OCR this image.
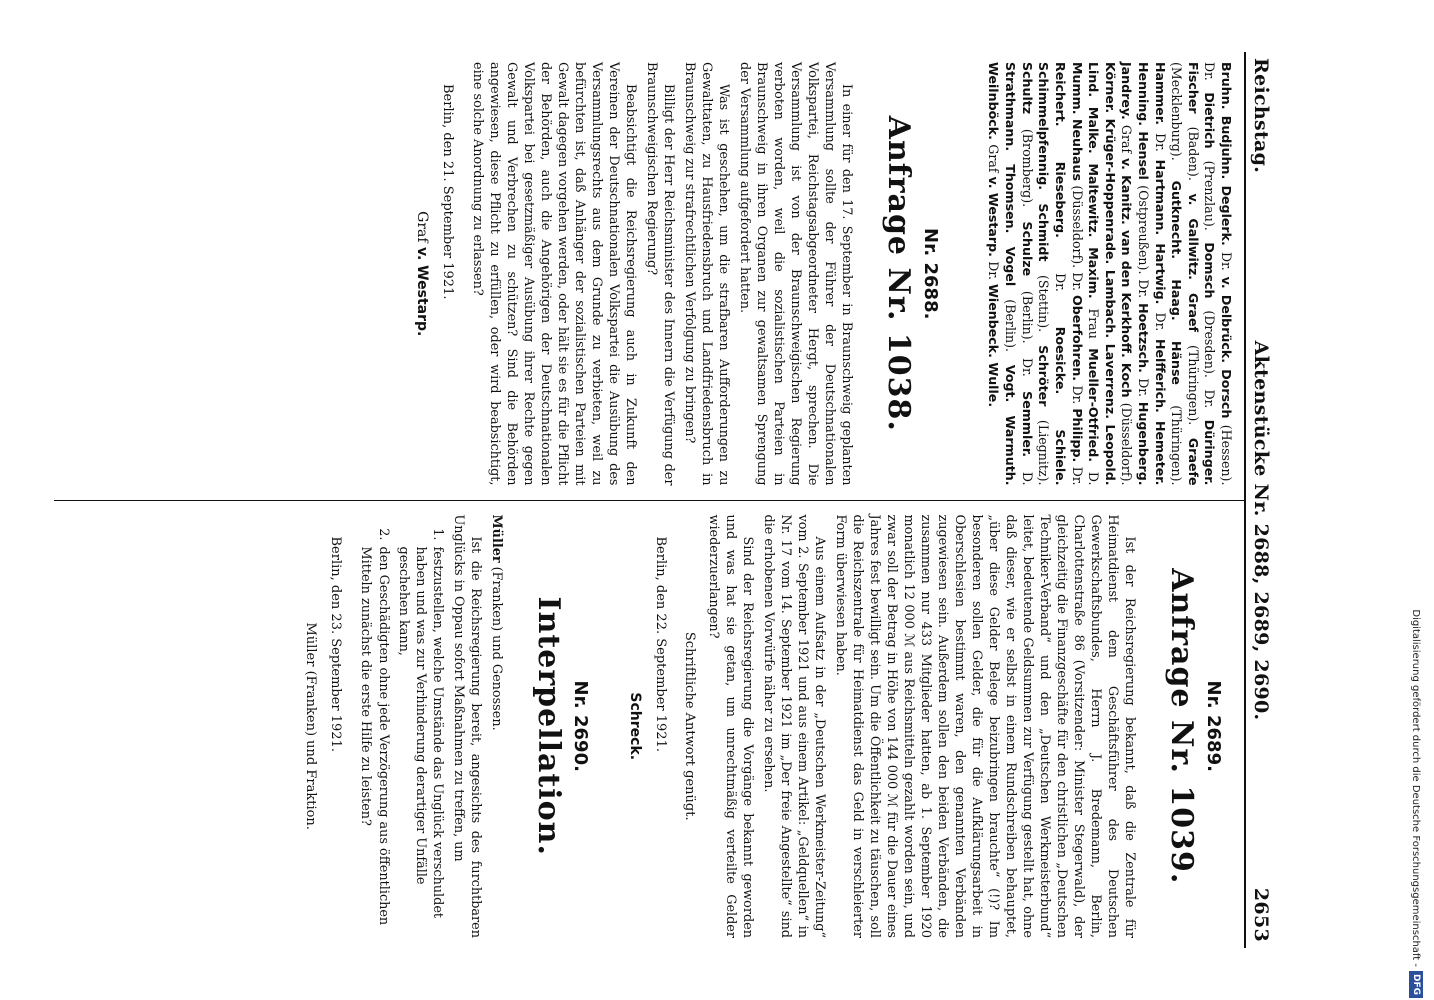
Reichstag.
Aktenstücke Nr. 2688, 2689, 2690.
2653
Bruhn. Budjuhn. Deglerk. Dr. v. Delbrück. Dorsch (Hessen). Dr. Dietrich (Prenzlau). Domsch (Dresden). Dr. Düringer. Fischer (Baden). v. Gallwitz. Graef (Thüringen). Graefe (Mecklenburg). Gutknecht. Haag. Hänse (Thüringen). Hammer. Dr. Hartmann. Hartwig. Dr. Helfferich. Hemeter. Henning. Hensel (Ostpreußen). Dr. Hoetzsch. Dr. Hugenberg. Jandrey. Graf v. Kanitz. van den Kerkhoff. Koch (Düsseldorf). Körner. Krüger-Hoppenrade. Lambach. Laverrenz. Leopold. Lind. Malke. Maltewitz. Maxim. Frau Mueller-Otfried. D. Mumm. Neuhaus (Düsseldorf). Dr. Oberfohren. Dr. Philipp. Dr. Reichert. Rieseberg. Dr. Roesicke. Schiele. Schimmelpfennig. Schmidt (Stettin). Schröter (Liegnitz). Schultz (Bromberg). Schulze (Berlin). Dr. Semmler. D. Strathmann. Thomsen. Vogel (Berlin). Vogt. Warmuth. Weilnböck. Graf v. Westarp. Dr. Wienbeck. Wulle.
Nr. 2688.
Anfrage Nr. 1038.

In einer für den 17. September in Braunschweig geplanten Versammlung sollte der Führer der Deutschnationalen Volkspartei, Reichstagsabgeordneter Hergt, sprechen. Die Versammlung ist von der Braunschweigischen Regierung verboten worden, weil die sozialistischen Parteien in Braunschweig in ihren Organen zur gewaltsamen Sprengung der Versammlung aufgefordert hatten.

Was ist geschehen, um die strafbaren Aufforderungen zu Gewalttaten, zu Hausfriedensbruch und Landfriedensbruch in Braunschweig zur strafrechtlichen Verfolgung zu bringen?

Billigt der Herr Reichsminister des Innern die Verfügung der Braunschweigischen Regierung?

Beabsichtigt die Reichsregierung auch in Zukunft den Vereinen der Deutschnationalen Volkspartei die Ausübung des Versammlungsrechts aus dem Grunde zu verbieten, weil zu befürchten ist, daß Anhänger der sozialistischen Parteien mit Gewalt dagegen vorgehen werden, oder hält sie es für die Pflicht der Behörden, auch die Angehörigen der Deutschnationalen Volkspartei bei gesetzmäßiger Ausübung ihrer Rechte gegen Gewalt und Verbrechen zu schützen? Sind die Behörden angewiesen, diese Pflicht zu erfüllen, oder wird beabsichtigt, eine solche Anordnung zu erlassen?

Berlin, den 21. September 1921.
Graf v. Westarp.
Nr. 2689.
Anfrage Nr. 1039.

Ist der Reichsregierung bekannt, daß die Zentrale für Heimatdienst dem Geschäftsführer des Deutschen Gewerkschaftsbundes, Herrn J. Bredemann, Berlin, Charlottenstraße 86 (Vorsitzender: Minister Stegerwald), der gleichzeitig die Finanzgeschäfte für den christlichen „Deutschen Techniker-Verband“ und den „Deutschen Werkmeisterbund“ leitet, bedeutende Geldsummen zur Verfügung gestellt hat, ohne daß dieser, wie er selbst in einem Rundschreiben behauptet, „über diese Gelder Belege beizubringen brauchte“ (!)? Im besonderen sollen Gelder, die für die Aufklärungsarbeit in Oberschlesien bestimmt waren, den genannten Verbänden zugewiesen sein. Außerdem sollen den beiden Verbänden, die zusammen nur 433 Mitglieder hatten, ab 1. September 1920 monatlich 12 000 ℳ aus Reichsmitteln gezahlt worden sein, und zwar soll der Betrag in Höhe von 144 000 ℳ für die Dauer eines Jahres fest bewilligt sein. Um die Öffentlichkeit zu täuschen, soll die Reichszentrale für Heimatdienst das Geld in verschleierter Form überwiesen haben.

Aus einem Aufsatz in der „Deutschen Werkmeister-Zeitung“ vom 2. September 1921 und aus einem Artikel: „Geldquellen“ in Nr. 17 vom 14. September 1921 im „Der freie Angestellte“ sind die erhobenen Vorwürfe näher zu ersehen.

Sind der Reichsregierung die Vorgänge bekannt geworden und was hat sie getan, um unrechtmäßig verteilte Gelder wiederzuerlangen?

Schriftliche Antwort genügt.
Berlin, den 22. September 1921.
Schreck.
Nr. 2690.
Interpellation.

Müller (Franken) und Genossen.

Ist die Reichsregierung bereit, angesichts des furchtbaren Unglücks in Oppau sofort Maßnahmen zu treffen, um

1.
festzustellen, welche Umstände das Unglück verschuldet haben und was zur Verhinderung derartiger Unfälle geschehen kann,
2.
den Geschädigten ohne jede Verzögerung aus öffentlichen Mitteln zunächst die erste Hilfe zu leisten?
Berlin, den 23. September 1921.
Müller (Franken) und Fraktion.	Digitalisierung gefördert durch die Deutsche Forschungsgemeinschaft -
DFG
